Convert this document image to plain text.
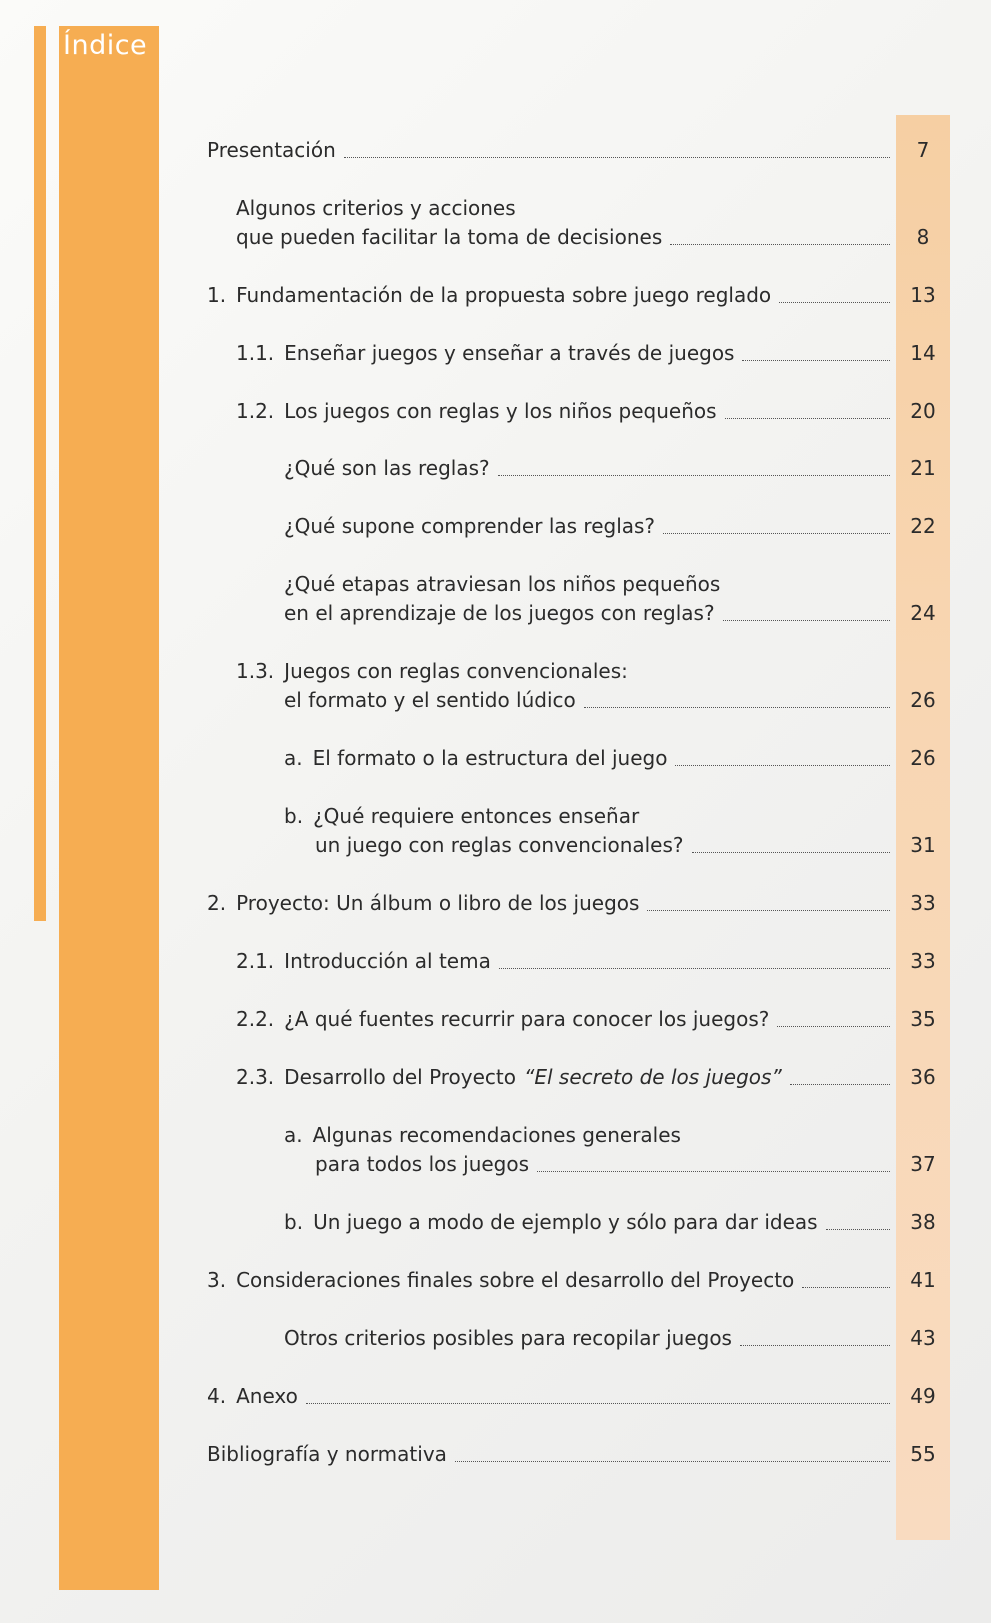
Índice
Presentación	7
Algunos criterios y acciones
que pueden facilitar la toma de decisiones	8
1. Fundamentación de la propuesta sobre juego reglado	13
1.1. Enseñar juegos y enseñar a través de juegos	14
1.2. Los juegos con reglas y los niños pequeños	20
¿Qué son las reglas?	21
¿Qué supone comprender las reglas?	22
¿Qué etapas atraviesan los niños pequeños
en el aprendizaje de los juegos con reglas?	24
1.3. Juegos con reglas convencionales:
el formato y el sentido lúdico	26
a. El formato o la estructura del juego	26
b. ¿Qué requiere entonces enseñar
un juego con reglas convencionales?	31
2. Proyecto: Un álbum o libro de los juegos	33
2.1. Introducción al tema	33
2.2. ¿A qué fuentes recurrir para conocer los juegos?	35
2.3. Desarrollo del Proyecto “El secreto de los juegos”	36
a. Algunas recomendaciones generales
para todos los juegos	37
b. Un juego a modo de ejemplo y sólo para dar ideas	38
3. Consideraciones finales sobre el desarrollo del Proyecto	41
Otros criterios posibles para recopilar juegos	43
4. Anexo	49
Bibliografía y normativa	55
